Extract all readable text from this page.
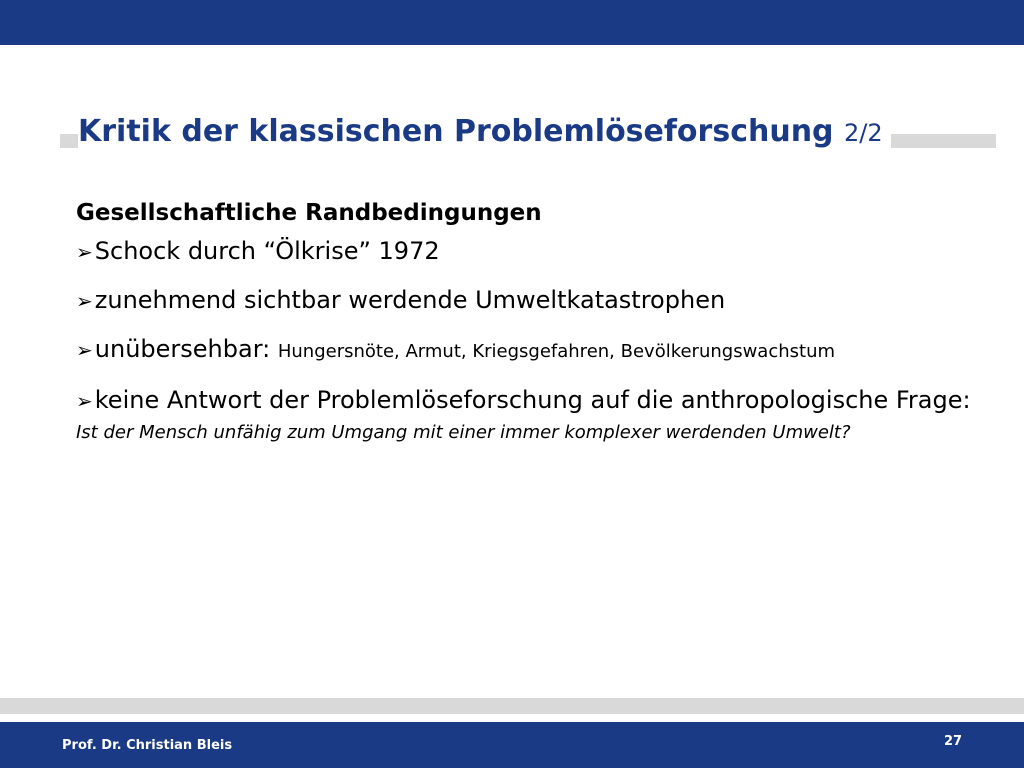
Kritik der klassischen Problemlöseforschung 2/2

Gesellschaftliche Randbedingungen

➢Schock durch “Ölkrise” 1972

➢zunehmend sichtbar werdende Umweltkatastrophen

➢unübersehbar: Hungersnöte, Armut, Kriegsgefahren, Bevölkerungswachstum

➢keine Antwort der Problemlöseforschung auf die anthropologische Frage:

Ist der Mensch unfähig zum Umgang mit einer immer komplexer werdenden Umwelt?

Prof. Dr. Christian Bleis	27
